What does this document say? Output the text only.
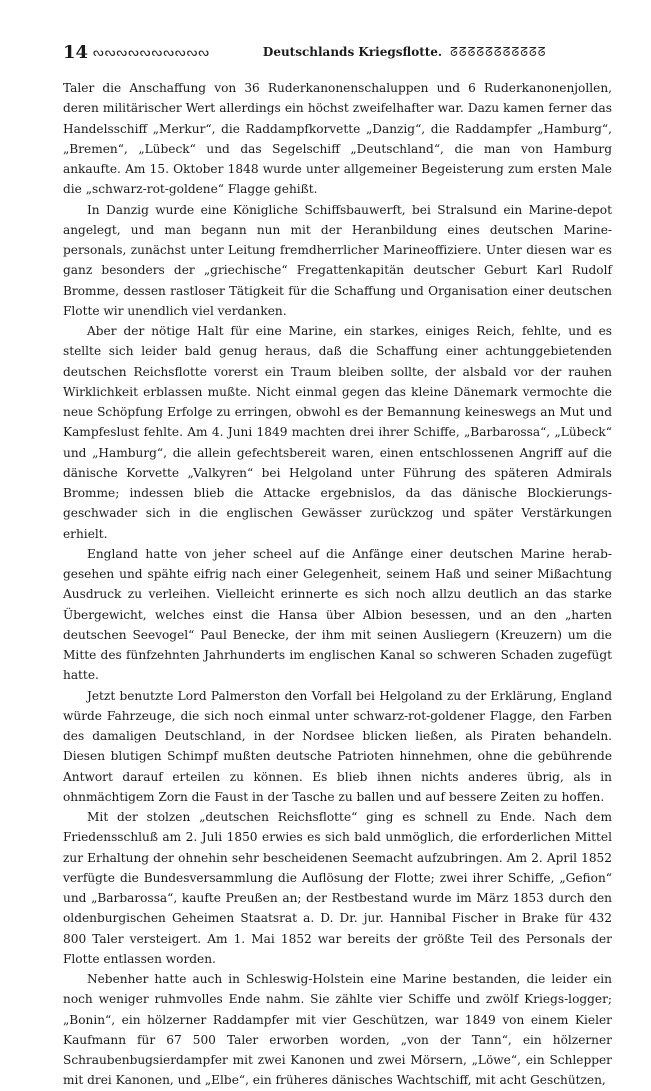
14 ᔓᔓᔓᔓᔓᔓᔓᔓᔓᔓ	Deutschlands Kriegsflotte. ᘔᘔᘔᘔᘔᘔᘔᘔᘔᘔᘔ

Taler die Anschaffung von 36 Ruderkanonenschaluppen und 6 Ruderkanonenjollen, deren militärischer Wert allerdings ein höchst zweifelhafter war. Dazu kamen ferner das Handelsschiff „Merkur“, die Raddampfkorvette „Danzig“, die Raddampfer „Hamburg“, „Bremen“, „Lübeck“ und das Segelschiff „Deutschland“, die man von Hamburg ankaufte. Am 15. Oktober 1848 wurde unter allgemeiner Begeisterung zum ersten Male die „schwarz-rot-goldene“ Flagge gehißt.

In Danzig wurde eine Königliche Schiffsbauwerft, bei Stralsund ein Marine-depot angelegt, und man begann nun mit der Heranbildung eines deutschen Marine-personals, zunächst unter Leitung fremdherrlicher Marineoffiziere. Unter diesen war es ganz besonders der „griechische“ Fregattenkapitän deutscher Geburt Karl Rudolf Bromme, dessen rastloser Tätigkeit für die Schaffung und Organisation einer deutschen Flotte wir unendlich viel verdanken.

Aber der nötige Halt für eine Marine, ein starkes, einiges Reich, fehlte, und es stellte sich leider bald genug heraus, daß die Schaffung einer achtunggebietenden deutschen Reichsflotte vorerst ein Traum bleiben sollte, der alsbald vor der rauhen Wirklichkeit erblassen mußte. Nicht einmal gegen das kleine Dänemark vermochte die neue Schöpfung Erfolge zu erringen, obwohl es der Bemannung keineswegs an Mut und Kampfeslust fehlte. Am 4. Juni 1849 machten drei ihrer Schiffe, „Barbarossa“, „Lübeck“ und „Hamburg“, die allein gefechtsbereit waren, einen entschlossenen Angriff auf die dänische Korvette „Valkyren“ bei Helgoland unter Führung des späteren Admirals Bromme; indessen blieb die Attacke ergebnislos, da das dänische Blockierungs-geschwader sich in die englischen Gewässer zurückzog und später Verstärkungen erhielt.

England hatte von jeher scheel auf die Anfänge einer deutschen Marine herab-gesehen und spähte eifrig nach einer Gelegenheit, seinem Haß und seiner Mißachtung Ausdruck zu verleihen. Vielleicht erinnerte es sich noch allzu deutlich an das starke Übergewicht, welches einst die Hansa über Albion besessen, und an den „harten deutschen Seevogel“ Paul Benecke, der ihm mit seinen Ausliegern (Kreuzern) um die Mitte des fünfzehnten Jahrhunderts im englischen Kanal so schweren Schaden zugefügt hatte.

Jetzt benutzte Lord Palmerston den Vorfall bei Helgoland zu der Erklärung, England würde Fahrzeuge, die sich noch einmal unter schwarz-rot-goldener Flagge, den Farben des damaligen Deutschland, in der Nordsee blicken ließen, als Piraten behandeln. Diesen blutigen Schimpf mußten deutsche Patrioten hinnehmen, ohne die gebührende Antwort darauf erteilen zu können. Es blieb ihnen nichts anderes übrig, als in ohnmächtigem Zorn die Faust in der Tasche zu ballen und auf bessere Zeiten zu hoffen.

Mit der stolzen „deutschen Reichsflotte“ ging es schnell zu Ende. Nach dem Friedensschluß am 2. Juli 1850 erwies es sich bald unmöglich, die erforderlichen Mittel zur Erhaltung der ohnehin sehr bescheidenen Seemacht aufzubringen. Am 2. April 1852 verfügte die Bundesversammlung die Auflösung der Flotte; zwei ihrer Schiffe, „Gefion“ und „Barbarossa“, kaufte Preußen an; der Restbestand wurde im März 1853 durch den oldenburgischen Geheimen Staatsrat a. D. Dr. jur. Hannibal Fischer in Brake für 432 800 Taler versteigert. Am 1. Mai 1852 war bereits der größte Teil des Personals der Flotte entlassen worden.

Nebenher hatte auch in Schleswig-Holstein eine Marine bestanden, die leider ein noch weniger ruhmvolles Ende nahm. Sie zählte vier Schiffe und zwölf Kriegs-logger; „Bonin“, ein hölzerner Raddampfer mit vier Geschützen, war 1849 von einem Kieler Kaufmann für 67 500 Taler erworben worden, „von der Tann“, ein hölzerner Schraubenbugsierdampfer mit zwei Kanonen und zwei Mörsern, „Löwe“, ein Schlepper mit drei Kanonen, und „Elbe“, ein früheres dänisches Wachtschiff, mit acht Geschützen,
